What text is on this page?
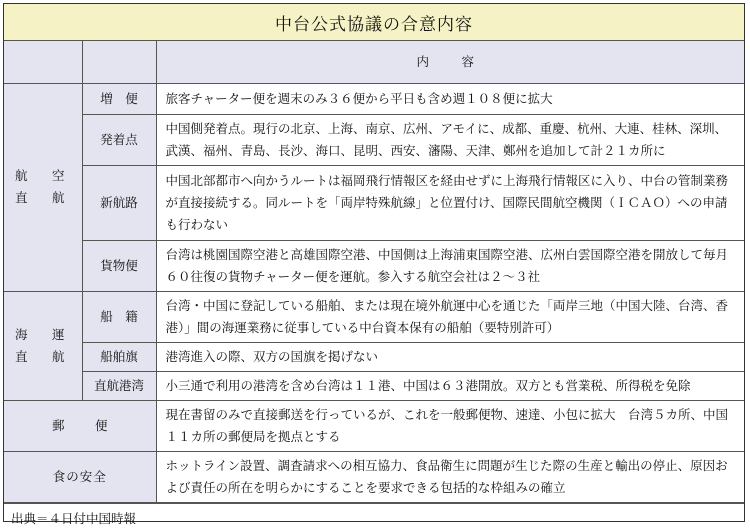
中台公式協議の合意内容
		内　容

航　空
直　航	増　便	旅客チャーター便を週末のみ３６便から平日も含め週１０８便に拡大
	発着点	中国側発着点。現行の北京、上海、南京、広州、アモイに、成都、重慶、杭州、大連、桂林、深圳、武漢、福州、青島、長沙、海口、昆明、西安、瀋陽、天津、鄭州を追加して計２１カ所に
	新航路	中国北部都市へ向かうルートは福岡飛行情報区を経由せずに上海飛行情報区に入り、中台の管制業務が直接接続する。同ルートを「両岸特殊航線」と位置付け、国際民間航空機関（ＩＣＡＯ）への申請も行わない
	貨物便	台湾は桃園国際空港と高雄国際空港、中国側は上海浦東国際空港、広州白雲国際空港を開放して毎月６０往復の貨物チャーター便を運航。参入する航空会社は２～３社

海　運
直　航	船　籍	台湾・中国に登記している船舶、または現在境外航運中心を通じた「両岸三地（中国大陸、台湾、香港）」間の海運業務に従事している中台資本保有の船舶（要特別許可）
	船舶旗	港湾進入の際、双方の国旗を掲げない
	直航港湾	小三通で利用の港湾を含め台湾は１１港、中国は６３港開放。双方とも営業税、所得税を免除
郵　便		現在書留のみで直接郵送を行っているが、これを一般郵便物、速達、小包に拡大　台湾５カ所、中国１１カ所の郵便局を拠点とする
食の安全		ホットライン設置、調査請求への相互協力、食品衛生に問題が生じた際の生産と輸出の停止、原因および責任の所在を明らかにすることを要求できる包括的な枠組みの確立
出典＝４日付中国時報
